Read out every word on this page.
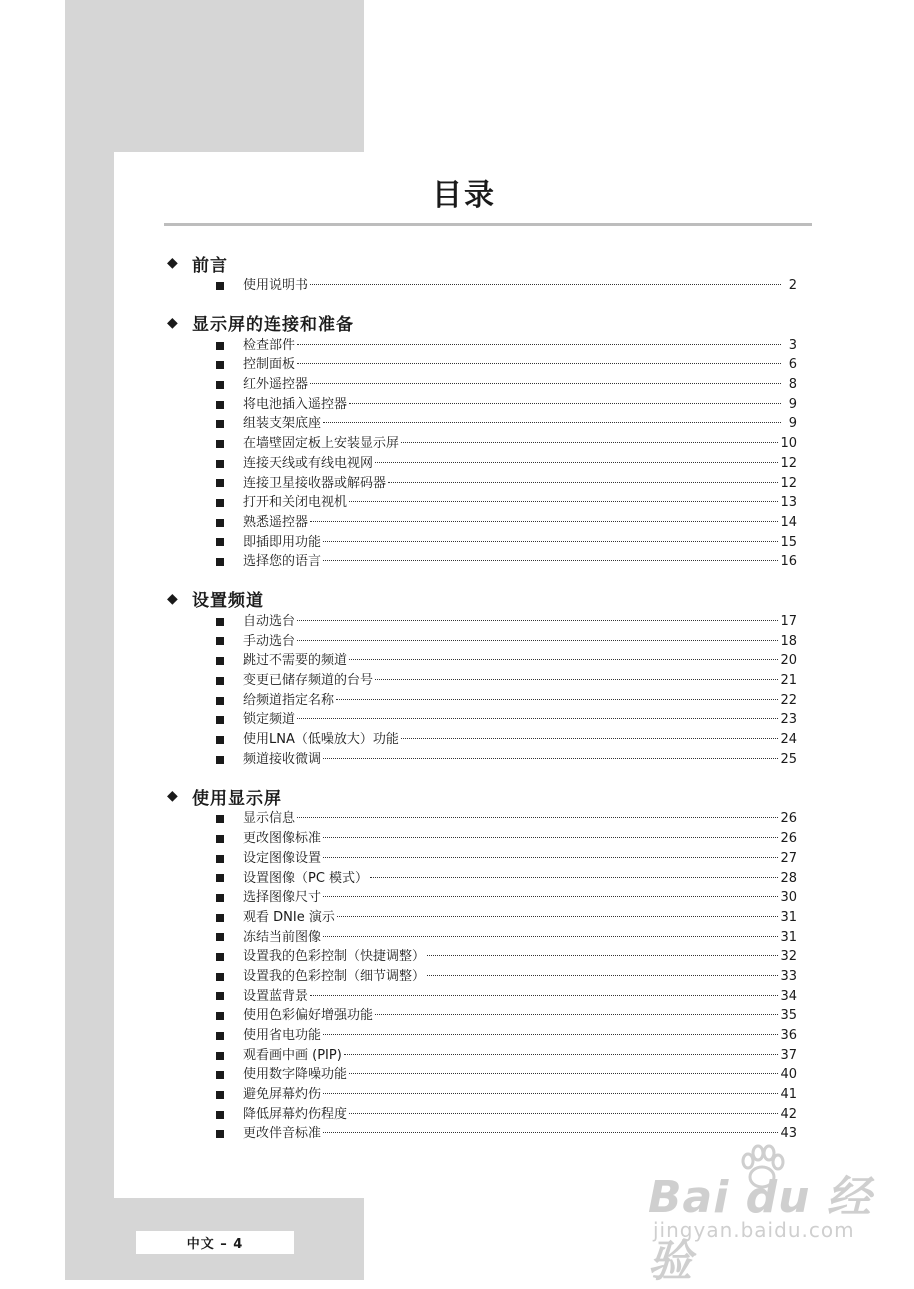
目录
◆ 前言
使用说明书	2
◆ 显示屏的连接和准备
检查部件	3
控制面板	6
红外遥控器	8
将电池插入遥控器	9
组装支架底座	9
在墙壁固定板上安装显示屏	10
连接天线或有线电视网	12
连接卫星接收器或解码器	12
打开和关闭电视机	13
熟悉遥控器	14
即插即用功能	15
选择您的语言	16
◆ 设置频道
自动选台	17
手动选台	18
跳过不需要的频道	20
变更已储存频道的台号	21
给频道指定名称	22
锁定频道	23
使用LNA（低噪放大）功能	24
频道接收微调	25
◆ 使用显示屏
显示信息	26
更改图像标准	26
设定图像设置	27
设置图像（PC 模式）	28
选择图像尺寸	30
观看 DNIe 演示	31
冻结当前图像	31
设置我的色彩控制（快捷调整）	32
设置我的色彩控制（细节调整）	33
设置蓝背景	34
使用色彩偏好增强功能	35
使用省电功能	36
观看画中画 (PIP)	37
使用数字降噪功能	40
避免屏幕灼伤	41
降低屏幕灼伤程度	42
更改伴音标准	43
中文 – 4
Bai du 经验
jingyan.baidu.com
